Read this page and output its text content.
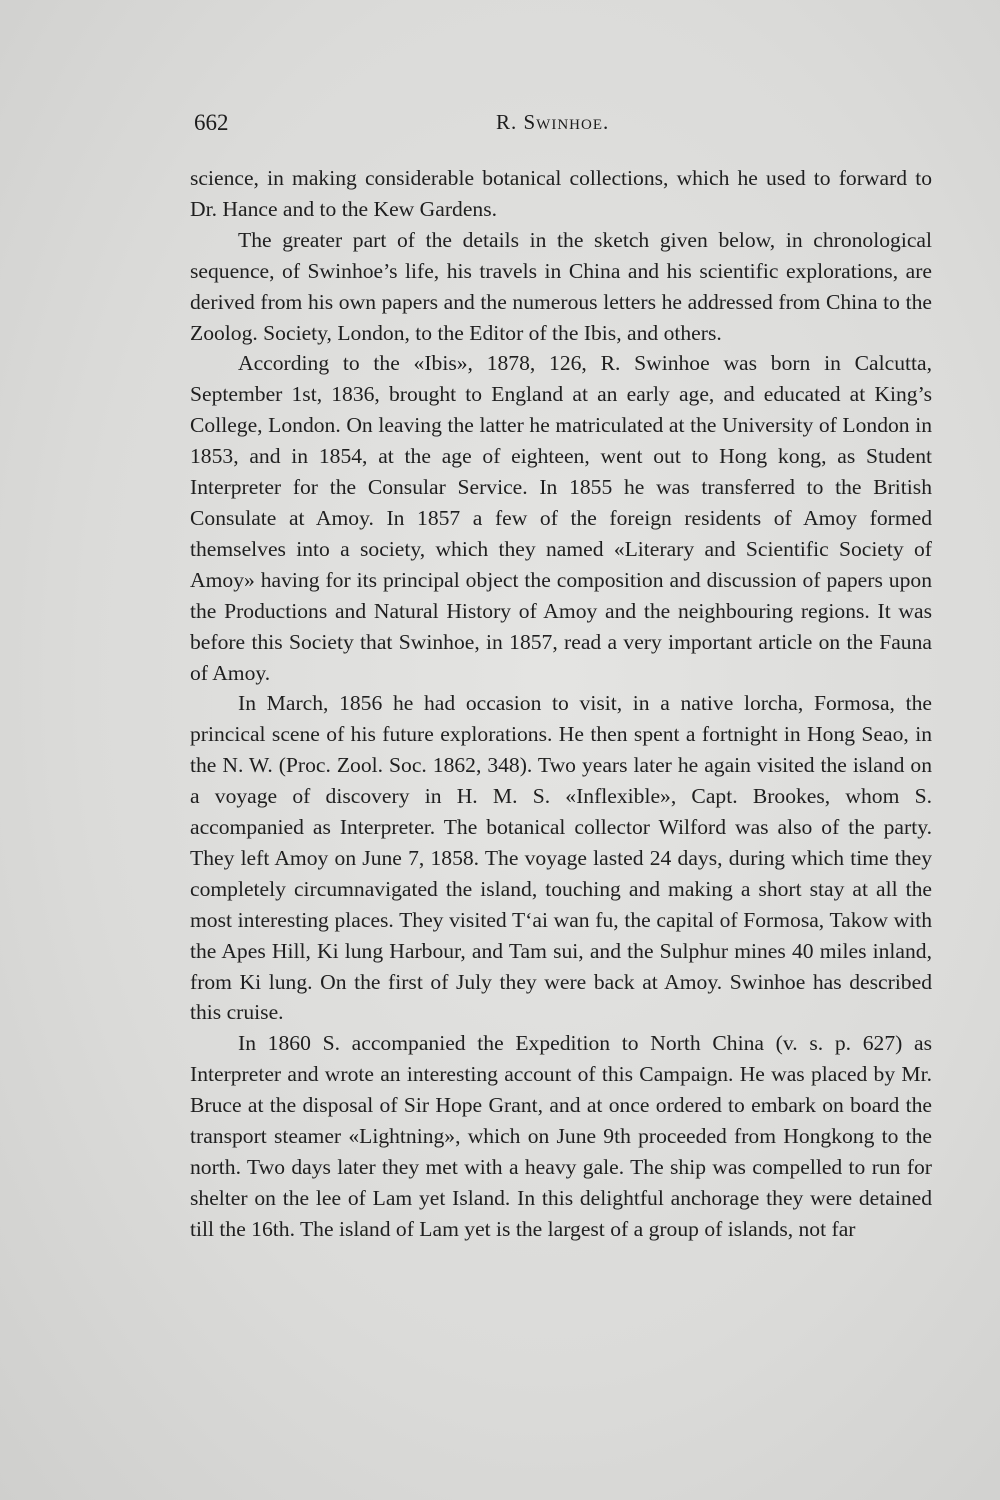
662	R. Swinhoe.

science, in making considerable botanical collections, which he used to forward to Dr. Hance and to the Kew Gardens.

The greater part of the details in the sketch given below, in chronological sequence, of Swinhoe’s life, his travels in China and his scientific explorations, are derived from his own papers and the numerous letters he addressed from China to the Zoolog. Society, London, to the Editor of the Ibis, and others.

According to the «Ibis», 1878, 126, R. Swinhoe was born in Calcutta, September 1st, 1836, brought to England at an early age, and educated at King’s College, London. On leaving the latter he matriculated at the University of London in 1853, and in 1854, at the age of eighteen, went out to Hong kong, as Student Interpreter for the Consular Service. In 1855 he was transferred to the British Consulate at Amoy. In 1857 a few of the foreign residents of Amoy formed themselves into a society, which they named «Literary and Scientific Society of Amoy» having for its principal object the composition and discussion of papers upon the Productions and Natural History of Amoy and the neighbouring regions. It was before this Society that Swinhoe, in 1857, read a very important article on the Fauna of Amoy.

In March, 1856 he had occasion to visit, in a native lorcha, Formosa, the princical scene of his future explorations. He then spent a fortnight in Hong Seao, in the N. W. (Proc. Zool. Soc. 1862, 348). Two years later he again visited the island on a voyage of discovery in H. M. S. «Inflexible», Capt. Brookes, whom S. accompanied as Interpreter. The botanical collector Wilford was also of the party. They left Amoy on June 7, 1858. The voyage lasted 24 days, during which time they completely circumnavigated the island, touching and making a short stay at all the most interesting places. They visited Tʻai wan fu, the capital of Formosa, Takow with the Apes Hill, Ki lung Harbour, and Tam sui, and the Sulphur mines 40 miles inland, from Ki lung. On the first of July they were back at Amoy. Swinhoe has described this cruise.

In 1860 S. accompanied the Expedition to North China (v. s. p. 627) as Interpreter and wrote an interesting account of this Campaign. He was placed by Mr. Bruce at the disposal of Sir Hope Grant, and at once ordered to embark on board the transport steamer «Lightning», which on June 9th proceeded from Hongkong to the north. Two days later they met with a heavy gale. The ship was compelled to run for shelter on the lee of Lam yet Island. In this delightful anchorage they were detained till the 16th. The island of Lam yet is the largest of a group of islands, not far
